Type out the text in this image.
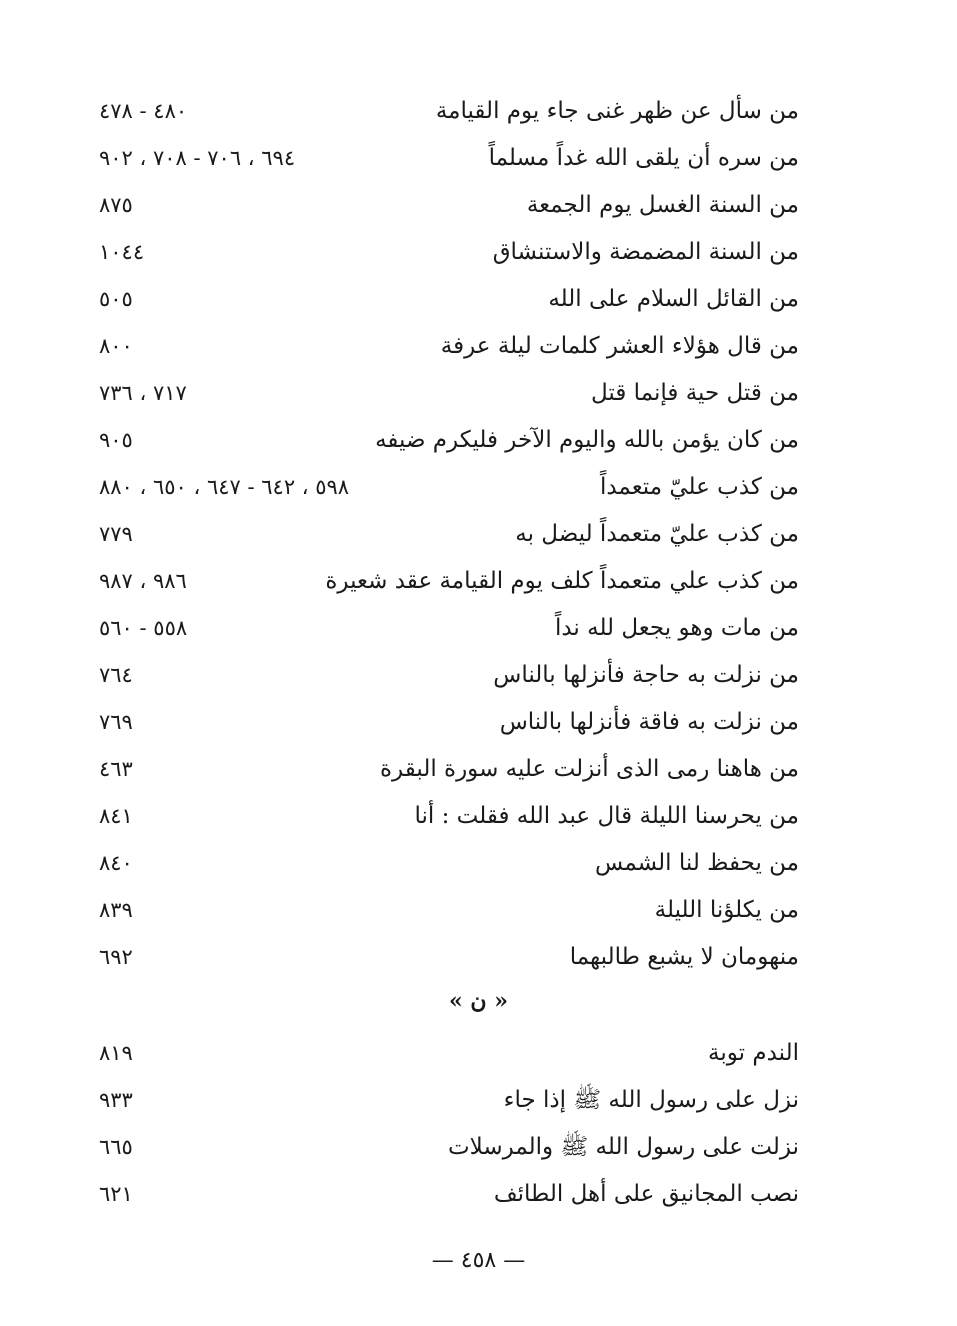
من سأل عن ظهر غنى جاء يوم القيامة
٤٨٠ - ٤٧٨
من سره أن يلقى الله غداً مسلماً
٦٩٤ ، ٧٠٦ - ٧٠٨ ، ٩٠٢
من السنة الغسل يوم الجمعة
٨٧٥
من السنة المضمضة والاستنشاق
١٠٤٤
من القائل السلام على الله
٥٠٥
من قال هؤلاء العشر كلمات ليلة عرفة
٨٠٠
من قتل حية فإنما قتل
٧١٧ ، ٧٣٦
من كان يؤمن بالله واليوم الآخر فليكرم ضيفه
٩٠٥
من كذب عليّ متعمداً
٥٩٨ ، ٦٤٢ - ٦٤٧ ، ٦٥٠ ، ٨٨٠
من كذب عليّ متعمداً ليضل به
٧٧٩
من كذب علي متعمداً كلف يوم القيامة عقد شعيرة
٩٨٦ ، ٩٨٧
من مات وهو يجعل لله نداً
٥٥٨ - ٥٦٠
من نزلت به حاجة فأنزلها بالناس
٧٦٤
من نزلت به فاقة فأنزلها بالناس
٧٦٩
من هاهنا رمى الذى أنزلت عليه سورة البقرة
٤٦٣
من يحرسنا الليلة قال عبد الله فقلت : أنا
٨٤١
من يحفظ لنا الشمس
٨٤٠
من يكلؤنا الليلة
٨٣٩
منهومان لا يشبع طالبهما
٦٩٢
« ن »
الندم توبة
٨١٩
نزل على رسول الله ﷺ إذا جاء
٩٣٣
نزلت على رسول الله ﷺ والمرسلات
٦٦٥
نصب المجانيق على أهل الطائف
٦٢١
— ٤٥٨ —
